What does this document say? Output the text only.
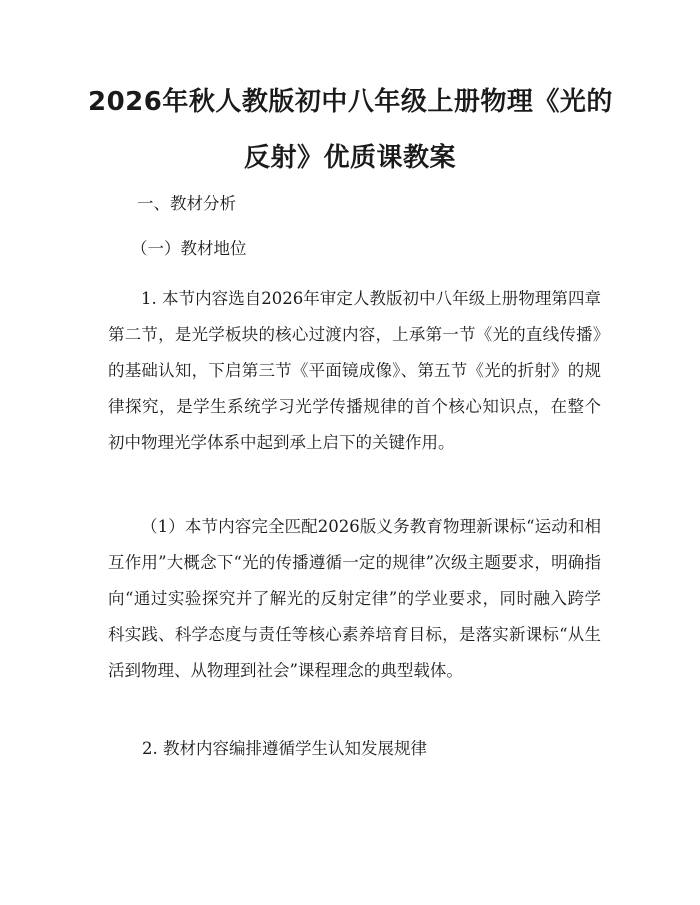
2026年秋人教版初中八年级上册物理《光的
反射》优质课教案

一、教材分析

（一）教材地位

1. 本节内容选自2026年审定人教版初中八年级上册物理第四章第二节，是光学板块的核心过渡内容，上承第一节《光的直线传播》的基础认知，下启第三节《平面镜成像》、第五节《光的折射》的规律探究，是学生系统学习光学传播规律的首个核心知识点，在整个初中物理光学体系中起到承上启下的关键作用。

（1）本节内容完全匹配2026版义务教育物理新课标“运动和相互作用”大概念下“光的传播遵循一定的规律”次级主题要求，明确指向“通过实验探究并了解光的反射定律”的学业要求，同时融入跨学科实践、科学态度与责任等核心素养培育目标，是落实新课标“从生活到物理、从物理到社会”课程理念的典型载体。

2. 教材内容编排遵循学生认知发展规律
